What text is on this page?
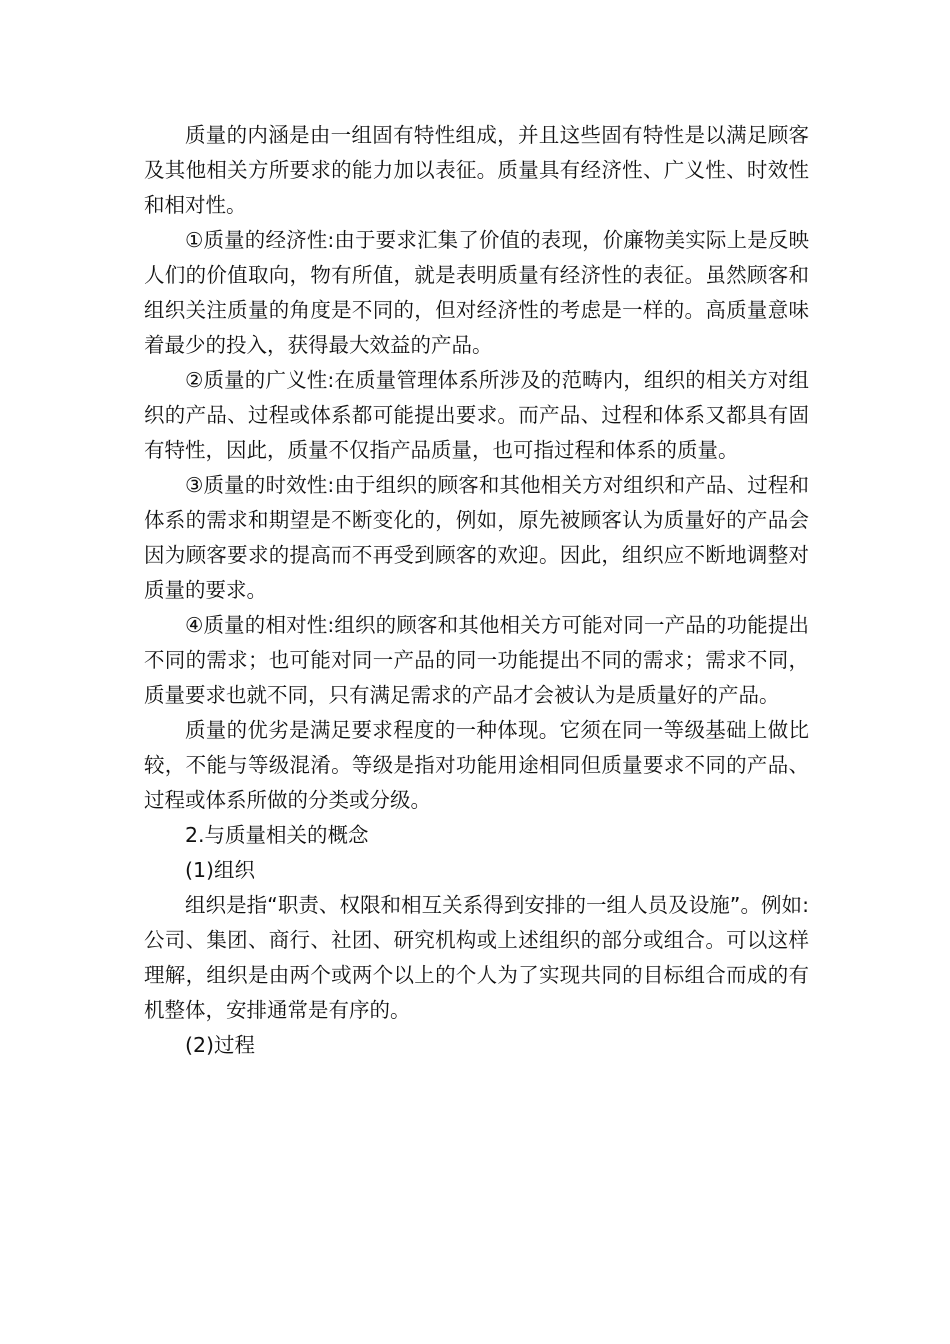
质量的内涵是由一组固有特性组成，并且这些固有特性是以满足顾客及其他相关方所要求的能力加以表征。质量具有经济性、广义性、时效性和相对性。

①质量的经济性:由于要求汇集了价值的表现，价廉物美实际上是反映人们的价值取向，物有所值，就是表明质量有经济性的表征。虽然顾客和组织关注质量的角度是不同的，但对经济性的考虑是一样的。高质量意味着最少的投入，获得最大效益的产品。

②质量的广义性:在质量管理体系所涉及的范畴内，组织的相关方对组织的产品、过程或体系都可能提出要求。而产品、过程和体系又都具有固有特性，因此，质量不仅指产品质量，也可指过程和体系的质量。

③质量的时效性:由于组织的顾客和其他相关方对组织和产品、过程和体系的需求和期望是不断变化的，例如，原先被顾客认为质量好的产品会因为顾客要求的提高而不再受到顾客的欢迎。因此，组织应不断地调整对质量的要求。

④质量的相对性:组织的顾客和其他相关方可能对同一产品的功能提出不同的需求；也可能对同一产品的同一功能提出不同的需求；需求不同，质量要求也就不同，只有满足需求的产品才会被认为是质量好的产品。

质量的优劣是满足要求程度的一种体现。它须在同一等级基础上做比较，不能与等级混淆。等级是指对功能用途相同但质量要求不同的产品、过程或体系所做的分类或分级。

2.与质量相关的概念

(1)组织

组织是指“职责、权限和相互关系得到安排的一组人员及设施”。例如:公司、集团、商行、社团、研究机构或上述组织的部分或组合。可以这样理解，组织是由两个或两个以上的个人为了实现共同的目标组合而成的有机整体，安排通常是有序的。

(2)过程
